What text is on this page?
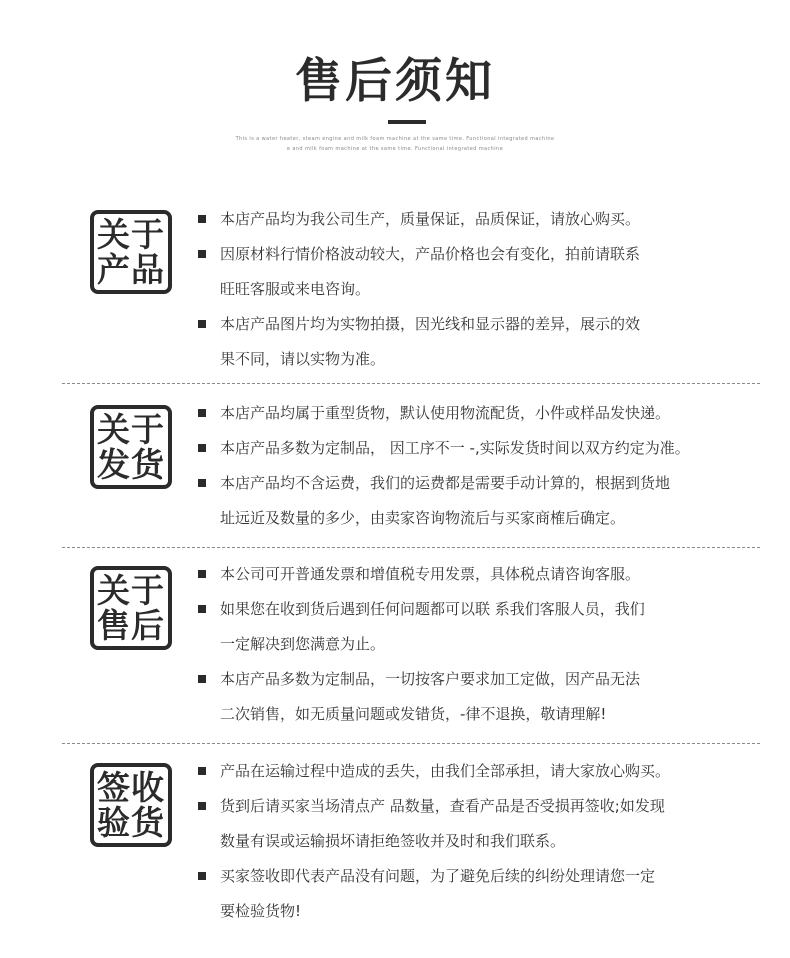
售后须知
This is a water heater, steam engine and milk foam machine at the same time. Functional integrated machine
e and milk foam machine at the same time. Functional integrated machine
关于
产品
本店产品均为我公司生产，质量保证，品质保证，请放心购买。
因原材料行情价格波动较大，产品价格也会有变化，拍前请联系
旺旺客服或来电咨询。
本店产品图片均为实物拍摄，因光线和显示器的差异，展示的效
果不同，请以实物为准。
关于
发货
本店产品均属于重型货物，默认使用物流配货，小件或样品发快递。
本店产品多数为定制品， 因工序不一 -,实际发货时间以双方约定为准。
本店产品均不含运费，我们的运费都是需要手动计算的，根据到货地
址远近及数量的多少，由卖家咨询物流后与买家商榷后确定。
关于
售后
本公司可开普通发票和增值税专用发票，具体税点请咨询客服。
如果您在收到货后遇到任何问题都可以联 系我们客服人员，我们
一定解决到您满意为止。
本店产品多数为定制品，一切按客户要求加工定做，因产品无法
二次销售，如无质量问题或发错货，-律不退换，敬请理解!
签收
验货
产品在运输过程中造成的丢失，由我们全部承担，请大家放心购买。
货到后请买家当场清点产 品数量，查看产品是否受损再签收;如发现
数量有误或运输损坏请拒绝签收并及时和我们联系。
买家签收即代表产品没有问题，为了避免后续的纠纷处理请您一定
要检验货物!
